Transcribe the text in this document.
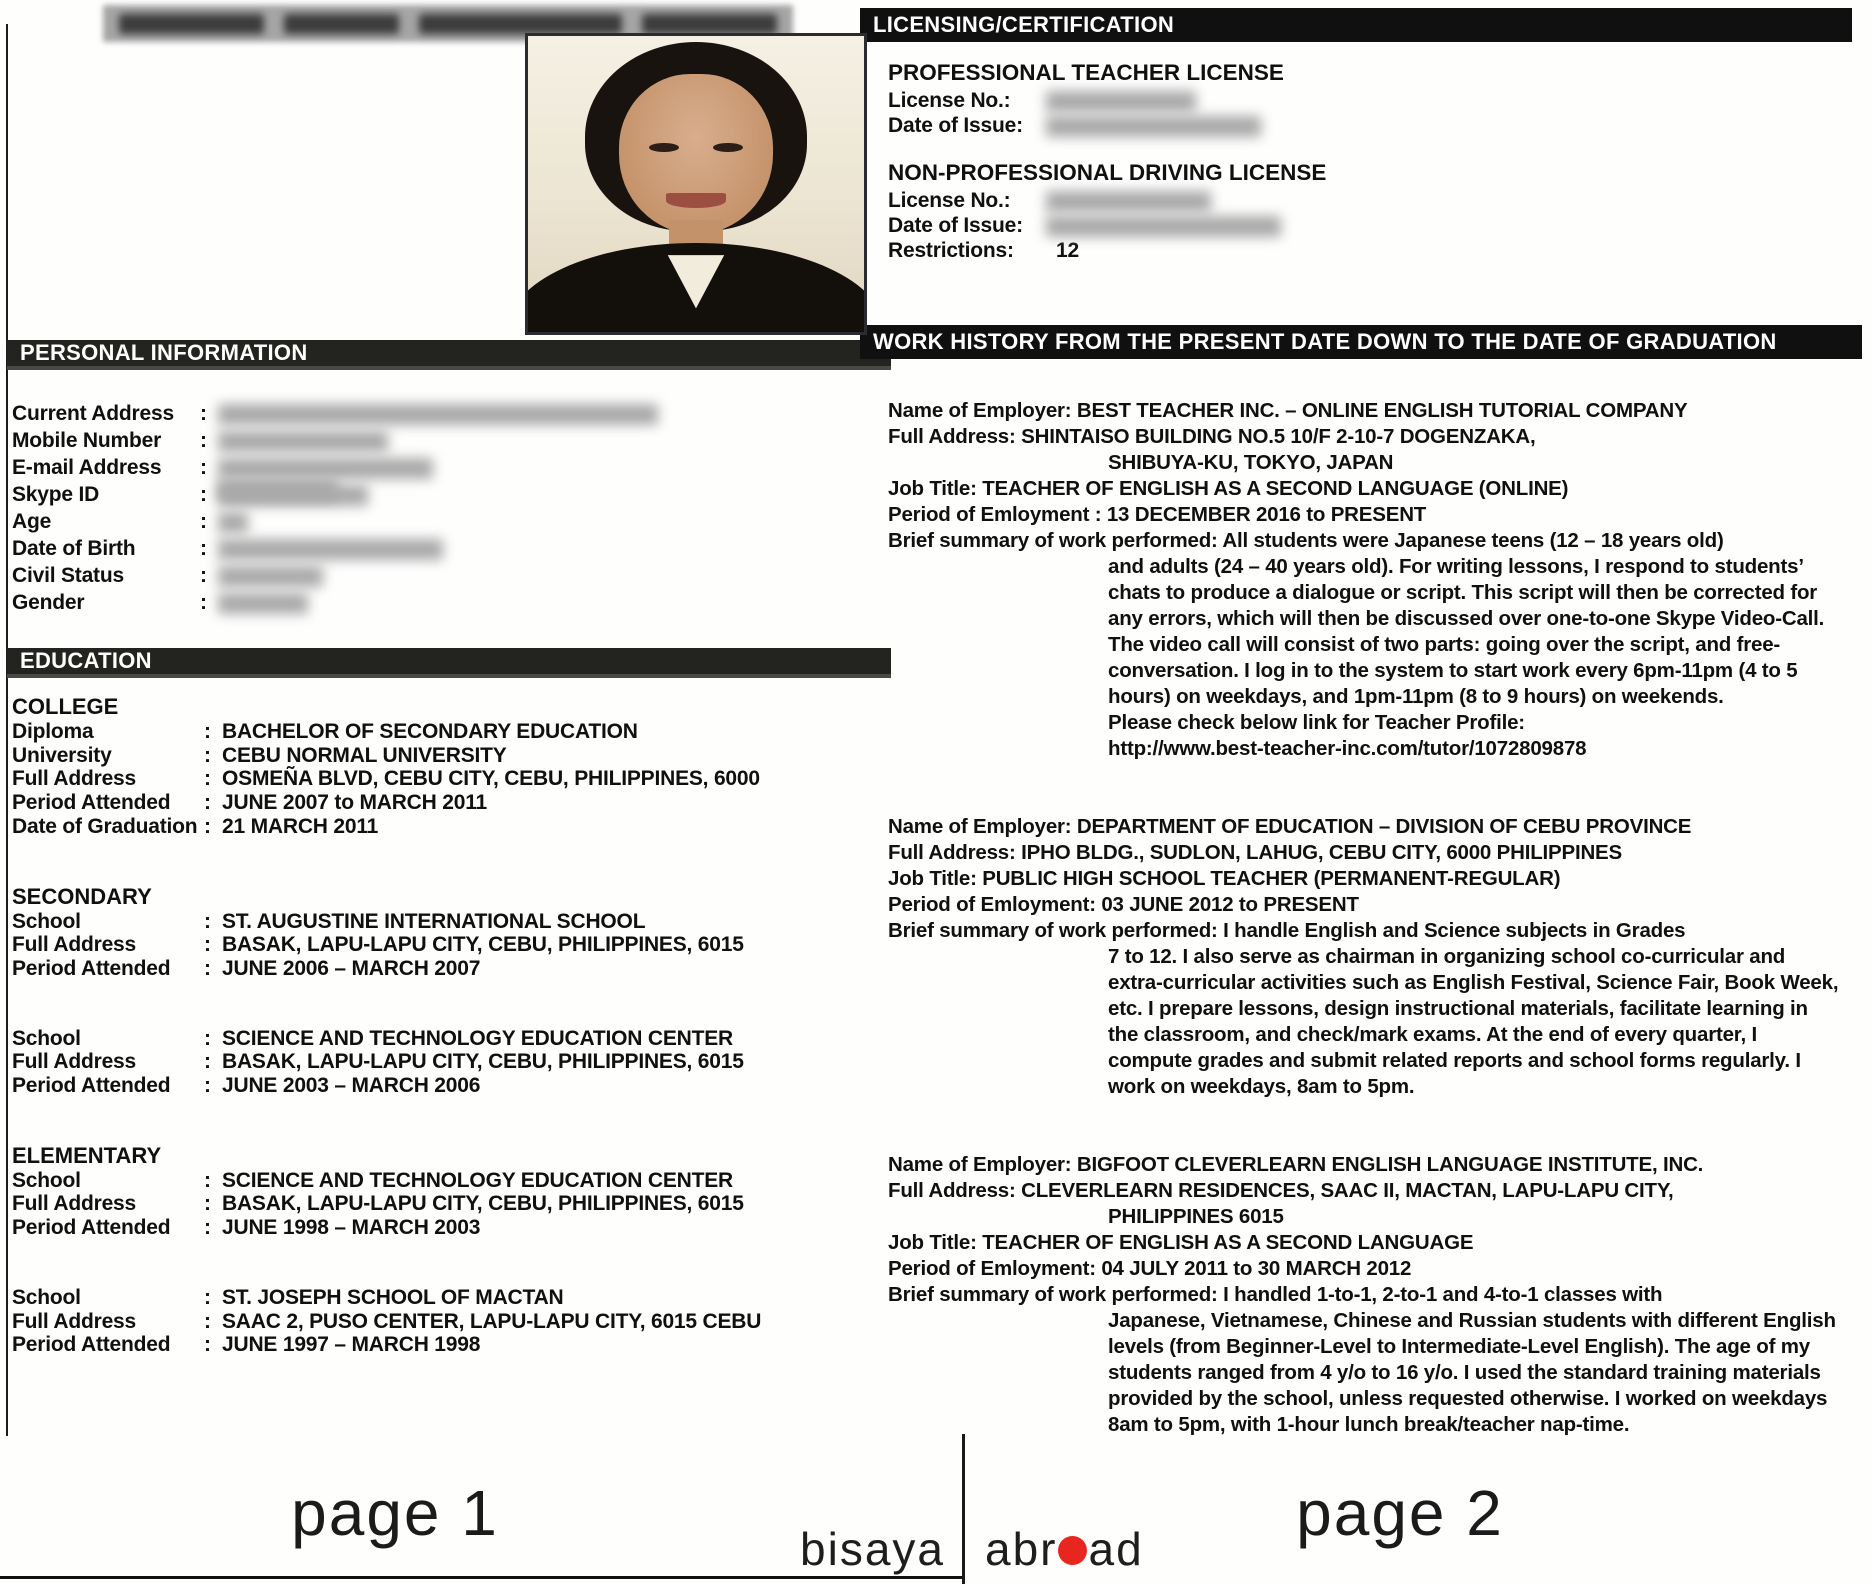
PERSONAL INFORMATION
Current Address :
Mobile Number :
E-mail Address :
Skype ID	:
Age	:
Date of Birth	:
Civil Status	:
Gender	:
EDUCATION
COLLEGE
Diploma	: BACHELOR OF SECONDARY EDUCATION
University	: CEBU NORMAL UNIVERSITY
Full Address	: OSMEÑA BLVD, CEBU CITY, CEBU, PHILIPPINES, 6000
Period Attended : JUNE 2007 to MARCH 2011
Date of Graduation : 21 MARCH 2011
SECONDARY
School	: ST. AUGUSTINE INTERNATIONAL SCHOOL
Full Address	: BASAK, LAPU-LAPU CITY, CEBU, PHILIPPINES, 6015
Period Attended : JUNE 2006 – MARCH 2007
School	: SCIENCE AND TECHNOLOGY EDUCATION CENTER
Full Address	: BASAK, LAPU-LAPU CITY, CEBU, PHILIPPINES, 6015
Period Attended : JUNE 2003 – MARCH 2006
ELEMENTARY
School	: SCIENCE AND TECHNOLOGY EDUCATION CENTER
Full Address	: BASAK, LAPU-LAPU CITY, CEBU, PHILIPPINES, 6015
Period Attended : JUNE 1998 – MARCH 2003
School	: ST. JOSEPH SCHOOL OF MACTAN
Full Address	: SAAC 2, PUSO CENTER, LAPU-LAPU CITY, 6015 CEBU
Period Attended : JUNE 1997 – MARCH 1998
LICENSING/CERTIFICATION
PROFESSIONAL TEACHER LICENSE
License No.:
Date of Issue:
NON-PROFESSIONAL DRIVING LICENSE
License No.:
Date of Issue:
Restrictions: 12
WORK HISTORY FROM THE PRESENT DATE DOWN TO THE DATE OF GRADUATION
Name of Employer: BEST TEACHER INC. – ONLINE ENGLISH TUTORIAL COMPANY
Full Address: SHINTAISO BUILDING NO.5 10/F 2-10-7 DOGENZAKA,
SHIBUYA-KU, TOKYO, JAPAN
Job Title: TEACHER OF ENGLISH AS A SECOND LANGUAGE (ONLINE)
Period of Emloyment : 13 DECEMBER 2016 to PRESENT
Brief summary of work performed: All students were Japanese teens (12 – 18 years old)
and adults (24 – 40 years old). For writing lessons, I respond to students’
chats to produce a dialogue or script. This script will then be corrected for
any errors, which will then be discussed over one-to-one Skype Video-Call.
The video call will consist of two parts: going over the script, and free-
conversation. I log in to the system to start work every 6pm-11pm (4 to 5
hours) on weekdays, and 1pm-11pm (8 to 9 hours) on weekends.
Please check below link for Teacher Profile:
http://www.best-teacher-inc.com/tutor/1072809878
Name of Employer: DEPARTMENT OF EDUCATION – DIVISION OF CEBU PROVINCE
Full Address: IPHO BLDG., SUDLON, LAHUG, CEBU CITY, 6000 PHILIPPINES
Job Title: PUBLIC HIGH SCHOOL TEACHER (PERMANENT-REGULAR)
Period of Emloyment: 03 JUNE 2012 to PRESENT
Brief summary of work performed: I handle English and Science subjects in Grades
7 to 12. I also serve as chairman in organizing school co-curricular and
extra-curricular activities such as English Festival, Science Fair, Book Week,
etc. I prepare lessons, design instructional materials, facilitate learning in
the classroom, and check/mark exams. At the end of every quarter, I
compute grades and submit related reports and school forms regularly. I
work on weekdays, 8am to 5pm.
Name of Employer: BIGFOOT CLEVERLEARN ENGLISH LANGUAGE INSTITUTE, INC.
Full Address: CLEVERLEARN RESIDENCES, SAAC II, MACTAN, LAPU-LAPU CITY,
PHILIPPINES 6015
Job Title: TEACHER OF ENGLISH AS A SECOND LANGUAGE
Period of Emloyment: 04 JULY 2011 to 30 MARCH 2012
Brief summary of work performed: I handled 1-to-1, 2-to-1 and 4-to-1 classes with
Japanese, Vietnamese, Chinese and Russian students with different English
levels (from Beginner-Level to Intermediate-Level English). The age of my
students ranged from 4 y/o to 16 y/o. I used the standard training materials
provided by the school, unless requested otherwise. I worked on weekdays
8am to 5pm, with 1-hour lunch break/teacher nap-time.
page 1	page 2
bisaya abr ad
